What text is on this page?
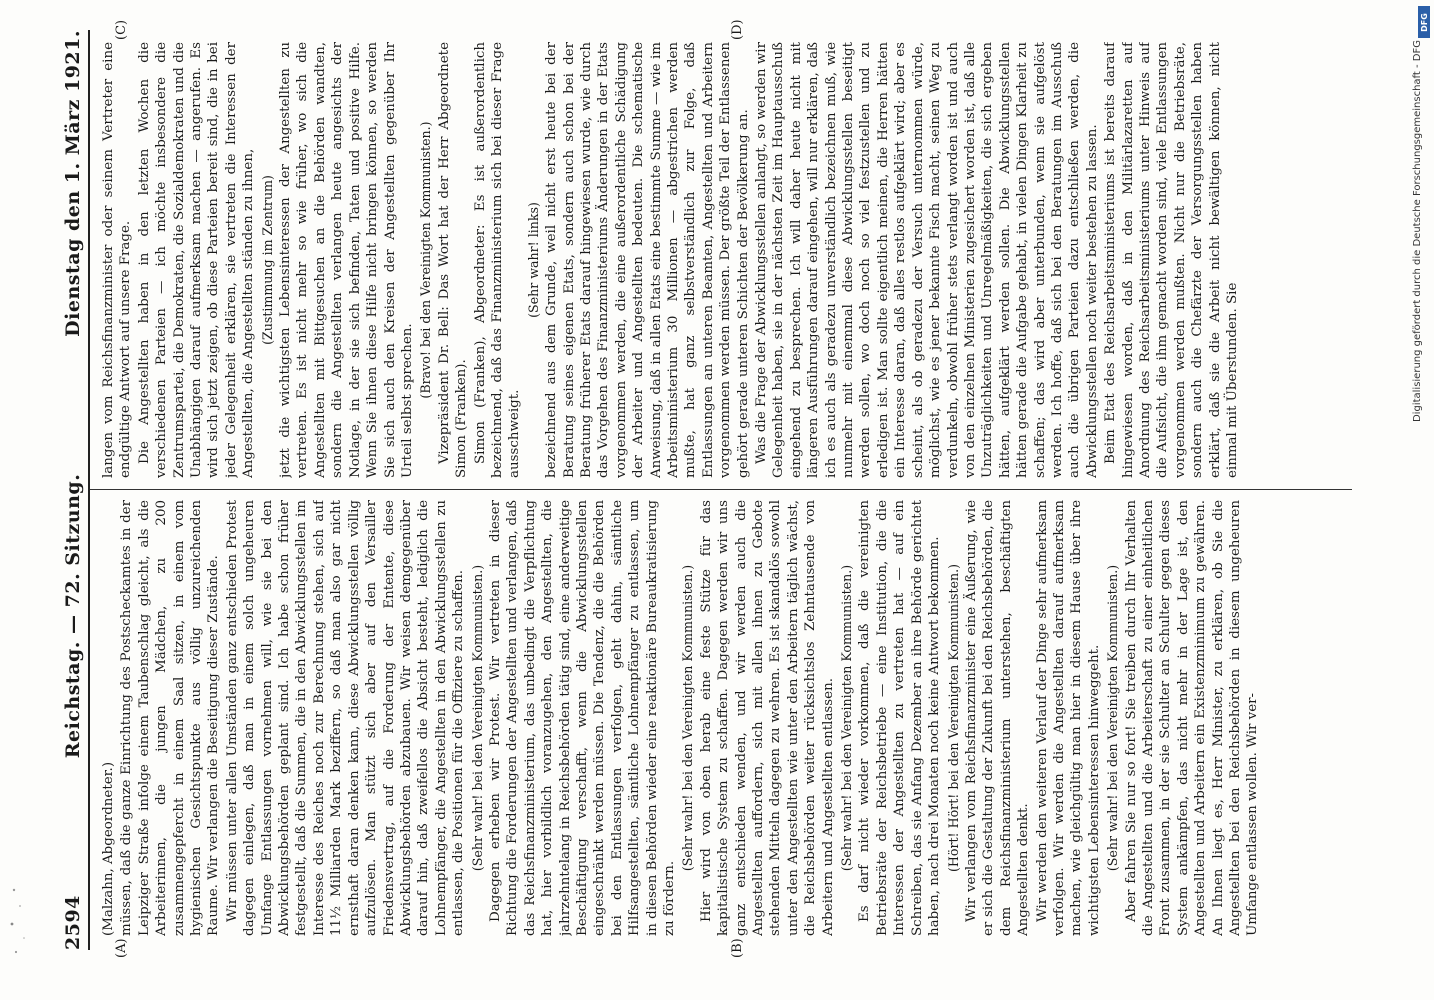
2594
Reichstag. — 72. Sitzung.
Dienstag den 1. März 1921.
(A)	(B)
(C)	(D)

(Malzahn, Abgeordneter.) müssen, daß die ganze Einrichtung des Postscheckamtes in der Leipziger Straße infolge einem Taubenschlag gleicht, als die Arbeiterinnen, die jungen Mädchen, zu 200 zusammengepfercht in einem Saal sitzen, in einem vom hygienischen Gesichtspunkte aus völlig unzureichenden Raume. Wir verlangen die Beseitigung dieser Zustände. Wir müssen unter allen Umständen ganz entschieden Protest dagegen einlegen, daß man in einem solch ungeheuren Umfange Entlassungen vornehmen will, wie sie bei den Abwicklungsbehörden geplant sind. Ich habe schon früher festgestellt, daß die Summen, die in den Abwicklungsstellen im Interesse des Reiches noch zur Berechnung stehen, sich auf 11½ Milliarden Mark beziffern, so daß man also gar nicht ernsthaft daran denken kann, diese Abwicklungsstellen völlig aufzulösen. Man stützt sich aber auf den Versailler Friedensvertrag, auf die Forderung der Entente, diese Abwicklungsbehörden abzubauen. Wir weisen demgegenüber darauf hin, daß zweifellos die Absicht besteht, lediglich die Lohnempfänger, die Angestellten in den Abwicklungsstellen zu entlassen, die Positionen für die Offiziere zu schaffen. (Sehr wahr! bei den Vereinigten Kommunisten.) Dagegen erheben wir Protest. Wir vertreten in dieser Richtung die Forderungen der Angestellten und verlangen, daß das Reichsfinanzministerium, das unbedingt die Verpflichtung hat, hier vorbildlich voranzugehen, den Angestellten, die jahrzehntelang in Reichsbehörden tätig sind, eine anderweitige Beschäftigung verschafft, wenn die Abwicklungsstellen eingeschränkt werden müssen. Die Tendenz, die die Behörden bei den Entlassungen verfolgen, geht dahin, sämtliche Hilfsangestellten, sämtliche Lohnempfänger zu entlassen, um in diesen Behörden wieder eine reaktionäre Bureaukratisierung zu fördern.

(Sehr wahr! bei den Vereinigten Kommunisten.) Hier wird von oben herab eine feste Stütze für das kapitalistische System zu schaffen. Dagegen werden wir uns ganz entschieden wenden, und wir werden auch die Angestellten auffordern, sich mit allen ihnen zu Gebote stehenden Mitteln dagegen zu wehren. Es ist skandalös sowohl unter den Angestellten wie unter den Arbeitern täglich wächst, die Reichsbehörden weiter rücksichtslos Zehntausende von Arbeitern und Angestellten entlassen. (Sehr wahr! bei den Vereinigten Kommunisten.) Es darf nicht wieder vorkommen, daß die vereinigten Betriebsräte der Reichsbetriebe — eine Institution, die die Interessen der Angestellten zu vertreten hat — auf ein Schreiben, das sie Anfang Dezember an ihre Behörde gerichtet haben, nach drei Monaten noch keine Antwort bekommen. (Hört! Hört! bei den Vereinigten Kommunisten.) Wir verlangen vom Reichsfinanzminister eine Äußerung, wie er sich die Gestaltung der Zukunft bei den Reichsbehörden, die dem Reichsfinanzministerium unterstehen, beschäftigten Angestellten denkt. Wir werden den weiteren Verlauf der Dinge sehr aufmerksam verfolgen. Wir werden die Angestellten darauf aufmerksam machen, wie gleichgültig man hier in diesem Hause über ihre wichtigsten Lebensinteressen hinweggeht. (Sehr wahr! bei den Vereinigten Kommunisten.) Aber fahren Sie nur so fort! Sie treiben durch Ihr Verhalten die Angestellten und die Arbeiterschaft zu einer einheitlichen Front zusammen, in der sie Schulter an Schulter gegen dieses System ankämpfen, das nicht mehr in der Lage ist, den Angestellten und Arbeitern ein Existenzminimum zu gewähren. An Ihnen liegt es, Herr Minister, zu erklären, ob Sie die Angestellten bei den Reichsbehörden in diesem ungeheuren Umfange entlassen wollen. Wir ver-

langen vom Reichsfinanzminister oder seinem Vertreter eine endgültige Antwort auf unsere Frage. Die Angestellten haben in den letzten Wochen die verschiedenen Parteien — ich möchte insbesondere die Zentrumspartei, die Demokraten, die Sozialdemokraten und die Unabhängigen darauf aufmerksam machen — angerufen. Es wird sich jetzt zeigen, ob diese Parteien bereit sind, die in bei jeder Gelegenheit erklären, sie vertreten die Interessen der Angestellten, die Angestellten ständen zu ihnen, (Zustimmung im Zentrum) jetzt die wichtigsten Lebensinteressen der Angestellten zu vertreten. Es ist nicht mehr so wie früher, wo sich die Angestellten mit Bittgesuchen an die Behörden wandten, sondern die Angestellten verlangen heute angesichts der Notlage, in der sie sich befinden, Taten und positive Hilfe. Wenn Sie ihnen diese Hilfe nicht bringen können, so werden Sie sich auch den Kreisen der Angestellten gegenüber Ihr Urteil selbst sprechen.

(Bravo! bei den Vereinigten Kommunisten.) Vizepräsident Dr. Bell: Das Wort hat der Herr Abgeordnete Simon (Franken). Simon (Franken), Abgeordneter: Es ist außerordentlich bezeichnend, daß das Finanzministerium sich bei dieser Frage ausschweigt.

(Sehr wahr! links) bezeichnend aus dem Grunde, weil nicht erst heute bei der Beratung seines eigenen Etats, sondern auch schon bei der Beratung früherer Etats darauf hingewiesen wurde, wie durch das Vorgehen des Finanzministeriums Änderungen in der Etats vorgenommen werden, die eine außerordentliche Schädigung der Arbeiter und Angestellten bedeuten. Die schematische Anweisung, daß in allen Etats eine bestimmte Summe — wie im Arbeitsministerium 30 Millionen — abgestrichen werden mußte, hat ganz selbstverständlich zur Folge, daß Entlassungen an unteren Beamten, Angestellten und Arbeitern vorgenommen werden müssen. Der größte Teil der Entlassenen gehört gerade unteren Schichten der Bevölkerung an. Was die Frage der Abwicklungsstellen anlangt, so werden wir Gelegenheit haben, sie in der nächsten Zeit im Hauptausschuß eingehend zu besprechen. Ich will daher heute nicht mit längeren Ausführungen darauf eingehen, will nur erklären, daß ich es auch als geradezu unverständlich bezeichnen muß, wie nunmehr mit einemmal diese Abwicklungsstellen beseitigt werden sollen, wo doch noch so viel festzustellen und zu erledigen ist. Man sollte eigentlich meinen, die Herren hätten ein Interesse daran, daß alles restlos aufgeklärt wird; aber es scheint, als ob geradezu der Versuch unternommen würde, möglichst, wie es jener bekannte Fisch macht, seinen Weg zu verdunkeln, obwohl früher stets verlangt worden ist und auch von den einzelnen Ministerien zugesichert worden ist, daß alle Unzuträglichkeiten und Unregelmäßigkeiten, die sich ergeben hätten, aufgeklärt werden sollen. Die Abwicklungsstellen hätten gerade die Aufgabe gehabt, in vielen Dingen Klarheit zu schaffen; das wird aber unterbunden, wenn sie aufgelöst werden. Ich hoffe, daß sich bei den Beratungen im Ausschuß auch die übrigen Parteien dazu entschließen werden, die Abwicklungsstellen noch weiter bestehen zu lassen. Beim Etat des Reichsarbeitsministeriums ist bereits darauf hingewiesen worden, daß in den Militärlazaretten auf Anordnung des Reichsarbeitsministeriums unter Hinweis auf die Aufsicht, die ihm gemacht worden sind, viele Entlassungen vorgenommen werden mußten. Nicht nur die Betriebsräte, sondern auch die Chefärzte der Versorgungsstellen haben erklärt, daß sie die Arbeit nicht bewältigen können, nicht einmal mit Überstunden. Sie

DFG
Digitalisierung gefördert durch die Deutsche Forschungsgemeinschaft - DFG
